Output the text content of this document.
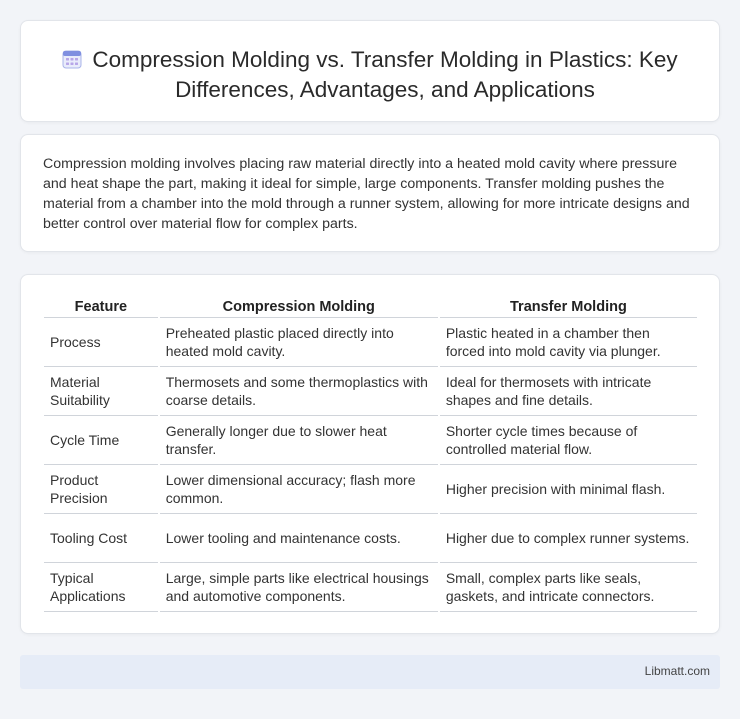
Compression Molding vs. Transfer Molding in Plastics: Key Differences, Advantages, and Applications

Compression molding involves placing raw material directly into a heated mold cavity where pressure and heat shape the part, making it ideal for simple, large components. Transfer molding pushes the material from a chamber into the mold through a runner system, allowing for more intricate designs and better control over material flow for complex parts.

Feature	Compression Molding	Transfer Molding
Process	Preheated plastic placed directly into heated mold cavity.	Plastic heated in a chamber then forced into mold cavity via plunger.
Material Suitability	Thermosets and some thermoplastics with coarse details.	Ideal for thermosets with intricate shapes and fine details.
Cycle Time	Generally longer due to slower heat transfer.	Shorter cycle times because of controlled material flow.
Product Precision	Lower dimensional accuracy; flash more common.	Higher precision with minimal flash.
Tooling Cost	Lower tooling and maintenance costs.	Higher due to complex runner systems.
Typical Applications	Large, simple parts like electrical housings and automotive components.	Small, complex parts like seals, gaskets, and intricate connectors.
Libmatt.com
